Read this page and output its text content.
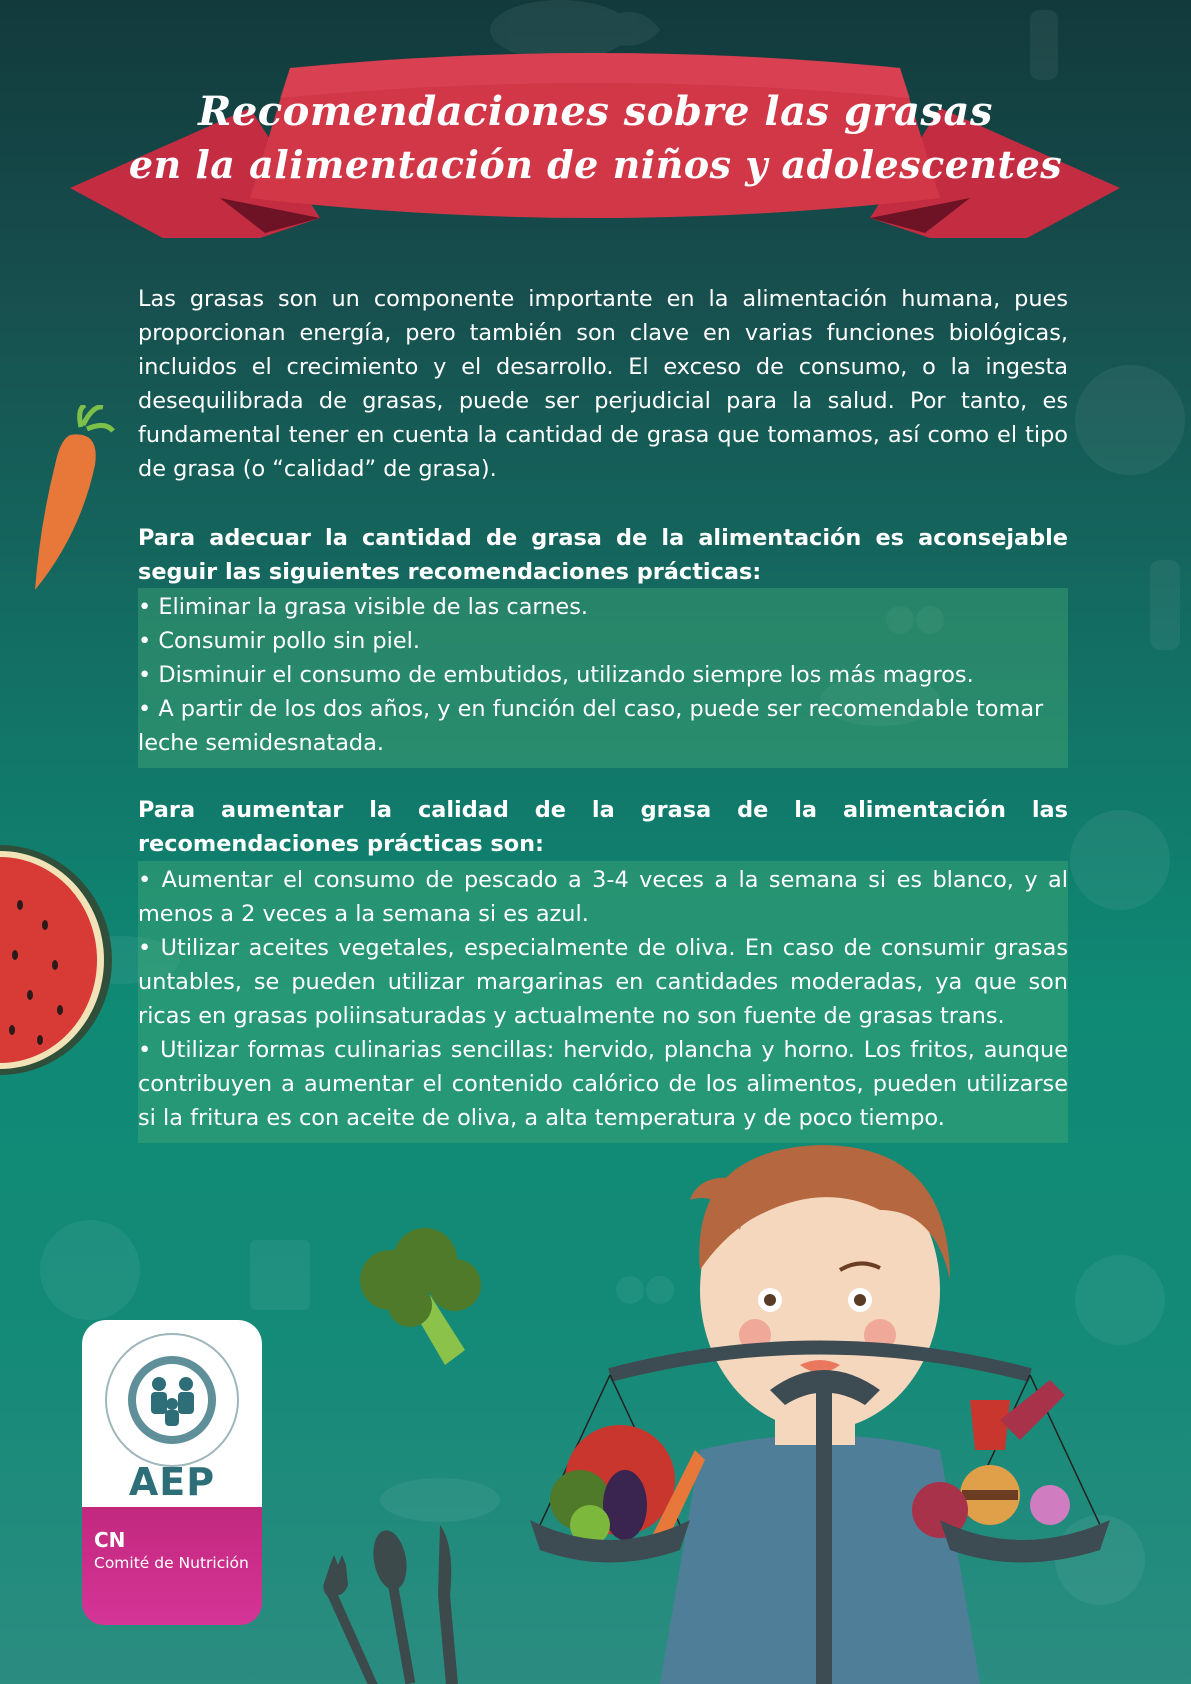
Recomendaciones sobre las grasas
en la alimentación de niños y adolescentes
Las grasas son un componente importante en la alimentación humana, pues proporcionan energía, pero también son clave en varias funciones biológicas, incluidos el crecimiento y el desarrollo. El exceso de consumo, o la ingesta desequilibrada de grasas, puede ser perjudicial para la salud. Por tanto, es fundamental tener en cuenta la cantidad de grasa que tomamos, así como el tipo de grasa (o “calidad” de grasa).
Para adecuar la cantidad de grasa de la alimentación es aconsejable seguir las siguientes recomendaciones prácticas:

• Eliminar la grasa visible de las carnes.

• Consumir pollo sin piel.

• Disminuir el consumo de embutidos, utilizando siempre los más magros.

• A partir de los dos años, y en función del caso, puede ser recomendable tomar leche semidesnatada.

Para aumentar la calidad de la grasa de la alimentación las recomendaciones prácticas son:

• Aumentar el consumo de pescado a 3-4 veces a la semana si es blanco, y al menos a 2 veces a la semana si es azul.

• Utilizar aceites vegetales, especialmente de oliva. En caso de consumir grasas untables, se pueden utilizar margarinas en cantidades moderadas, ya que son ricas en grasas poliinsaturadas y actualmente no son fuente de grasas trans.

• Utilizar formas culinarias sencillas: hervido, plancha y horno. Los fritos, aunque contribuyen a aumentar el contenido calórico de los alimentos, pueden utilizarse si la fritura es con aceite de oliva, a alta temperatura y de poco tiempo.

AEP
CN
Comité de Nutrición
